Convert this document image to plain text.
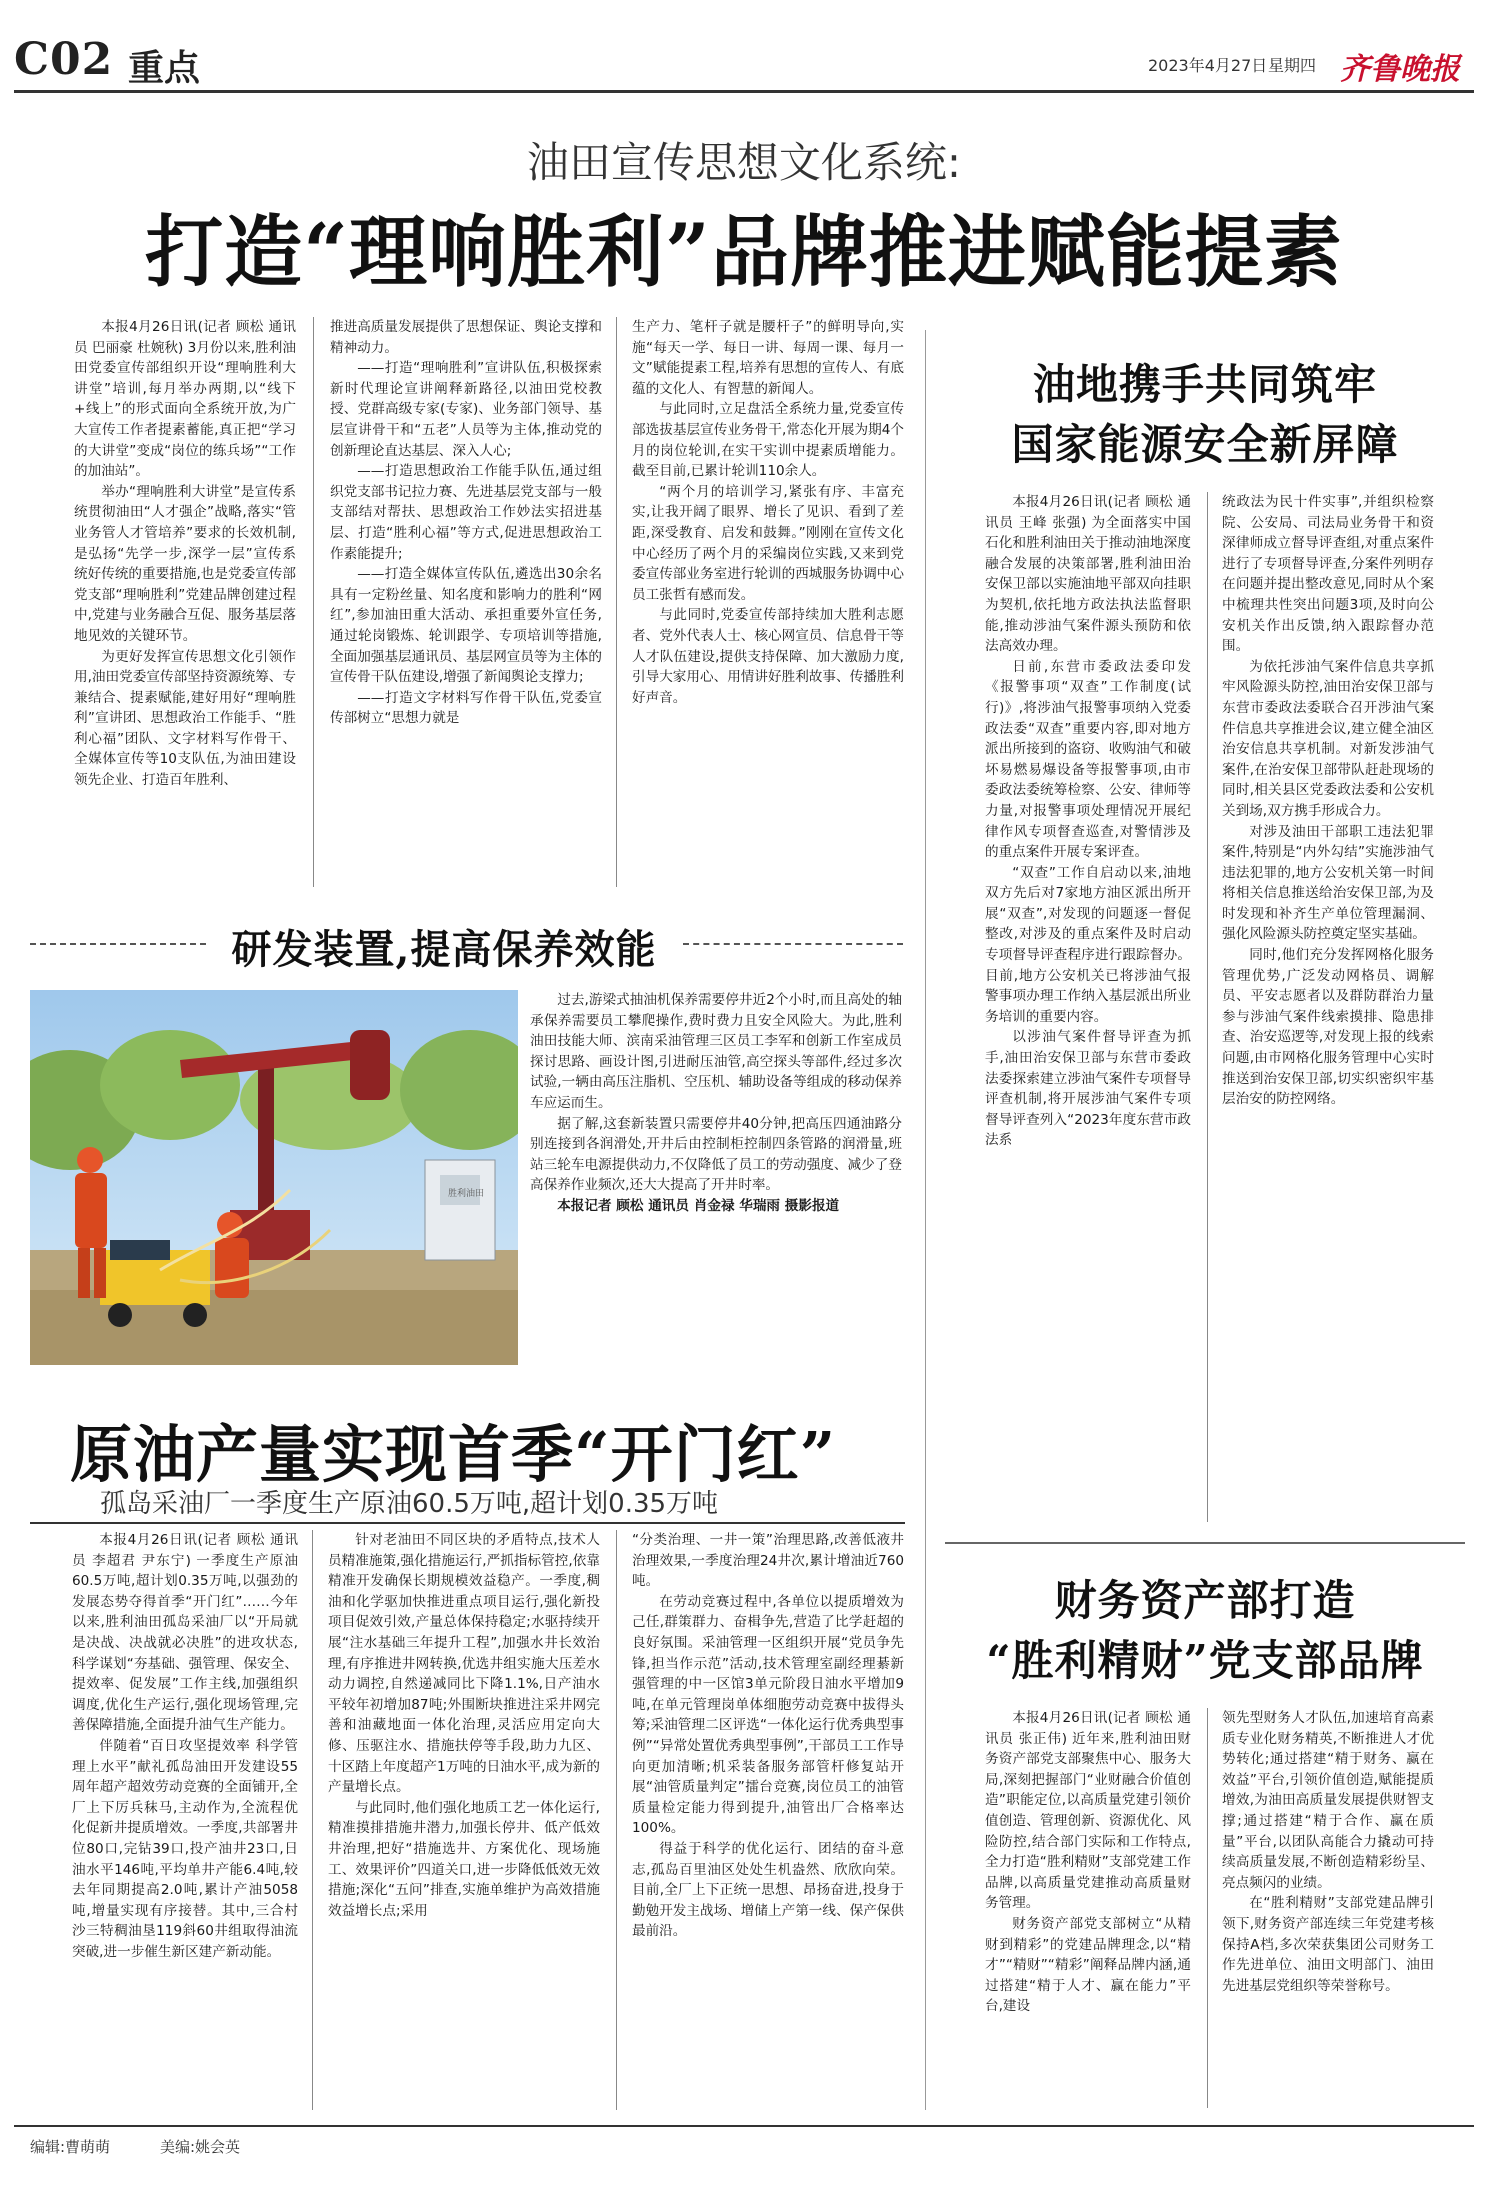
C02 重点	2023年4月27日 星期四 齐鲁晚报
油田宣传思想文化系统:
打造“理响胜利”品牌推进赋能提素

本报4月26日讯(记者 顾松 通讯员 巴丽豪 杜婉秋) 3月份以来,胜利油田党委宣传部组织开设“理响胜利大讲堂”培训,每月举办两期,以“线下+线上”的形式面向全系统开放,为广大宣传工作者提素蓄能,真正把“学习的大讲堂”变成“岗位的练兵场”“工作的加油站”。

举办“理响胜利大讲堂”是宣传系统贯彻油田“人才强企”战略,落实“管业务管人才管培养”要求的长效机制,是弘扬“先学一步,深学一层”宣传系统好传统的重要措施,也是党委宣传部党支部“理响胜利”党建品牌创建过程中,党建与业务融合互促、服务基层落地见效的关键环节。

为更好发挥宣传思想文化引领作用,油田党委宣传部坚持资源统筹、专兼结合、提素赋能,建好用好“理响胜利”宣讲团、思想政治工作能手、“胜利心福”团队、文字材料写作骨干、全媒体宣传等10支队伍,为油田建设领先企业、打造百年胜利、

推进高质量发展提供了思想保证、舆论支撑和精神动力。

——打造“理响胜利”宣讲队伍,积极探索新时代理论宣讲阐释新路径,以油田党校教授、党群高级专家(专家)、业务部门领导、基层宣讲骨干和“五老”人员等为主体,推动党的创新理论直达基层、深入人心;

——打造思想政治工作能手队伍,通过组织党支部书记拉力赛、先进基层党支部与一般支部结对帮扶、思想政治工作妙法实招进基层、打造“胜利心福”等方式,促进思想政治工作素能提升;

——打造全媒体宣传队伍,遴选出30余名具有一定粉丝量、知名度和影响力的胜利“网红”,参加油田重大活动、承担重要外宣任务,通过轮岗锻炼、轮训跟学、专项培训等措施,全面加强基层通讯员、基层网宣员等为主体的宣传骨干队伍建设,增强了新闻舆论支撑力;

——打造文字材料写作骨干队伍,党委宣传部树立“思想力就是

生产力、笔杆子就是腰杆子”的鲜明导向,实施“每天一学、每日一讲、每周一课、每月一文”赋能提素工程,培养有思想的宣传人、有底蕴的文化人、有智慧的新闻人。

与此同时,立足盘活全系统力量,党委宣传部选拔基层宣传业务骨干,常态化开展为期4个月的岗位轮训,在实干实训中提素质增能力。截至目前,已累计轮训110余人。

“两个月的培训学习,紧张有序、丰富充实,让我开阔了眼界、增长了见识、看到了差距,深受教育、启发和鼓舞。”刚刚在宣传文化中心经历了两个月的采编岗位实践,又来到党委宣传部业务室进行轮训的西城服务协调中心员工张哲有感而发。

与此同时,党委宣传部持续加大胜利志愿者、党外代表人士、核心网宣员、信息骨干等人才队伍建设,提供支持保障、加大激励力度,引导大家用心、用情讲好胜利故事、传播胜利好声音。

研发装置,提高保养效能
胜利油田

过去,游梁式抽油机保养需要停井近2个小时,而且高处的轴承保养需要员工攀爬操作,费时费力且安全风险大。为此,胜利油田技能大师、滨南采油管理三区员工李军和创新工作室成员探讨思路、画设计图,引进耐压油管,高空探头等部件,经过多次试验,一辆由高压注脂机、空压机、辅助设备等组成的移动保养车应运而生。

据了解,这套新装置只需要停井40分钟,把高压四通油路分别连接到各润滑处,开井后由控制柜控制四条管路的润滑量,班站三轮车电源提供动力,不仅降低了员工的劳动强度、减少了登高保养作业频次,还大大提高了开井时率。

本报记者 顾松 通讯员 肖金禄 华瑞雨 摄影报道

原油产量实现首季“开门红”
孤岛采油厂一季度生产原油60.5万吨,超计划0.35万吨

本报4月26日讯(记者 顾松 通讯员 李超君 尹东宁) 一季度生产原油60.5万吨,超计划0.35万吨,以强劲的发展态势夺得首季“开门红”……今年以来,胜利油田孤岛采油厂以“开局就是决战、决战就必决胜”的进攻状态,科学谋划“夯基础、强管理、保安全、提效率、促发展”工作主线,加强组织调度,优化生产运行,强化现场管理,完善保障措施,全面提升油气生产能力。

伴随着“百日攻坚提效率 科学管理上水平”献礼孤岛油田开发建设55周年超产超效劳动竞赛的全面铺开,全厂上下厉兵秣马,主动作为,全流程优化促新井提质增效。一季度,共部署井位80口,完钻39口,投产油井23口,日油水平146吨,平均单井产能6.4吨,较去年同期提高2.0吨,累计产油5058吨,增量实现有序接替。其中,三合村沙三特稠油垦119斜60井组取得油流突破,进一步催生新区建产新动能。

针对老油田不同区块的矛盾特点,技术人员精准施策,强化措施运行,严抓指标管控,依靠精准开发确保长期规模效益稳产。一季度,稠油和化学驱加快推进重点项目运行,强化新投项目促效引效,产量总体保持稳定;水驱持续开展“注水基础三年提升工程”,加强水井长效治理,有序推进井网转换,优选井组实施大压差水动力调控,自然递减同比下降1.1%,日产油水平较年初增加87吨;外围断块推进注采井网完善和油藏地面一体化治理,灵活应用定向大修、压驱注水、措施扶停等手段,助力九区、十区踏上年度超产1万吨的日油水平,成为新的产量增长点。

与此同时,他们强化地质工艺一体化运行,精准摸排措施井潜力,加强长停井、低产低效井治理,把好“措施选井、方案优化、现场施工、效果评价”四道关口,进一步降低低效无效措施;深化“五问”排查,实施单维护为高效措施效益增长点;采用

“分类治理、一井一策”治理思路,改善低液井治理效果,一季度治理24井次,累计增油近760吨。

在劳动竞赛过程中,各单位以提质增效为己任,群策群力、奋楫争先,营造了比学赶超的良好氛围。采油管理一区组织开展“党员争先锋,担当作示范”活动,技术管理室副经理綦新强管理的中一区馆3单元阶段日油水平增加9吨,在单元管理岗单体细胞劳动竞赛中拔得头筹;采油管理二区评选“一体化运行优秀典型事例”“异常处置优秀典型事例”,干部员工工作导向更加清晰;机采装备服务部管杆修复站开展“油管质量判定”擂台竞赛,岗位员工的油管质量检定能力得到提升,油管出厂合格率达100%。

得益于科学的优化运行、团结的奋斗意志,孤岛百里油区处处生机盎然、欣欣向荣。目前,全厂上下正统一思想、昂扬奋进,投身于勤勉开发主战场、增储上产第一线、保产保供最前沿。

油地携手共同筑牢
国家能源安全新屏障

本报4月26日讯(记者 顾松 通讯员 王峰 张强) 为全面落实中国石化和胜利油田关于推动油地深度融合发展的决策部署,胜利油田治安保卫部以实施油地平部双向挂职为契机,依托地方政法执法监督职能,推动涉油气案件源头预防和依法高效办理。

日前,东营市委政法委印发《报警事项“双查”工作制度(试行)》,将涉油气报警事项纳入党委政法委“双查”重要内容,即对地方派出所接到的盗窃、收购油气和破坏易燃易爆设备等报警事项,由市委政法委统筹检察、公安、律师等力量,对报警事项处理情况开展纪律作风专项督查巡查,对警情涉及的重点案件开展专案评查。

“双查”工作自启动以来,油地双方先后对7家地方油区派出所开展“双查”,对发现的问题逐一督促整改,对涉及的重点案件及时启动专项督导评查程序进行跟踪督办。目前,地方公安机关已将涉油气报警事项办理工作纳入基层派出所业务培训的重要内容。

以涉油气案件督导评查为抓手,油田治安保卫部与东营市委政法委探索建立涉油气案件专项督导评查机制,将开展涉油气案件专项督导评查列入“2023年度东营市政法系

统政法为民十件实事”,并组织检察院、公安局、司法局业务骨干和资深律师成立督导评查组,对重点案件进行了专项督导评查,分案件列明存在问题并提出整改意见,同时从个案中梳理共性突出问题3项,及时向公安机关作出反馈,纳入跟踪督办范围。

为依托涉油气案件信息共享抓牢风险源头防控,油田治安保卫部与东营市委政法委联合召开涉油气案件信息共享推进会议,建立健全油区治安信息共享机制。对新发涉油气案件,在治安保卫部带队赶赴现场的同时,相关县区党委政法委和公安机关到场,双方携手形成合力。

对涉及油田干部职工违法犯罪案件,特别是“内外勾结”实施涉油气违法犯罪的,地方公安机关第一时间将相关信息推送给治安保卫部,为及时发现和补齐生产单位管理漏洞、强化风险源头防控奠定坚实基础。

同时,他们充分发挥网格化服务管理优势,广泛发动网格员、调解员、平安志愿者以及群防群治力量参与涉油气案件线索摸排、隐患排查、治安巡逻等,对发现上报的线索问题,由市网格化服务管理中心实时推送到治安保卫部,切实织密织牢基层治安的防控网络。

财务资产部打造
“胜利精财”党支部品牌

本报4月26日讯(记者 顾松 通讯员 张正伟) 近年来,胜利油田财务资产部党支部聚焦中心、服务大局,深刻把握部门“业财融合价值创造”职能定位,以高质量党建引领价值创造、管理创新、资源优化、风险防控,结合部门实际和工作特点,全力打造“胜利精财”支部党建工作品牌,以高质量党建推动高质量财务管理。

财务资产部党支部树立“从精财到精彩”的党建品牌理念,以“精才”“精财”“精彩”阐释品牌内涵,通过搭建“精于人才、赢在能力”平台,建设

领先型财务人才队伍,加速培育高素质专业化财务精英,不断推进人才优势转化;通过搭建“精于财务、赢在效益”平台,引领价值创造,赋能提质增效,为油田高质量发展提供财智支撑;通过搭建“精于合作、赢在质量”平台,以团队高能合力撬动可持续高质量发展,不断创造精彩纷呈、亮点频闪的业绩。

在“胜利精财”支部党建品牌引领下,财务资产部连续三年党建考核保持A档,多次荣获集团公司财务工作先进单位、油田文明部门、油田先进基层党组织等荣誉称号。

编辑:曹萌萌	美编:姚会英
